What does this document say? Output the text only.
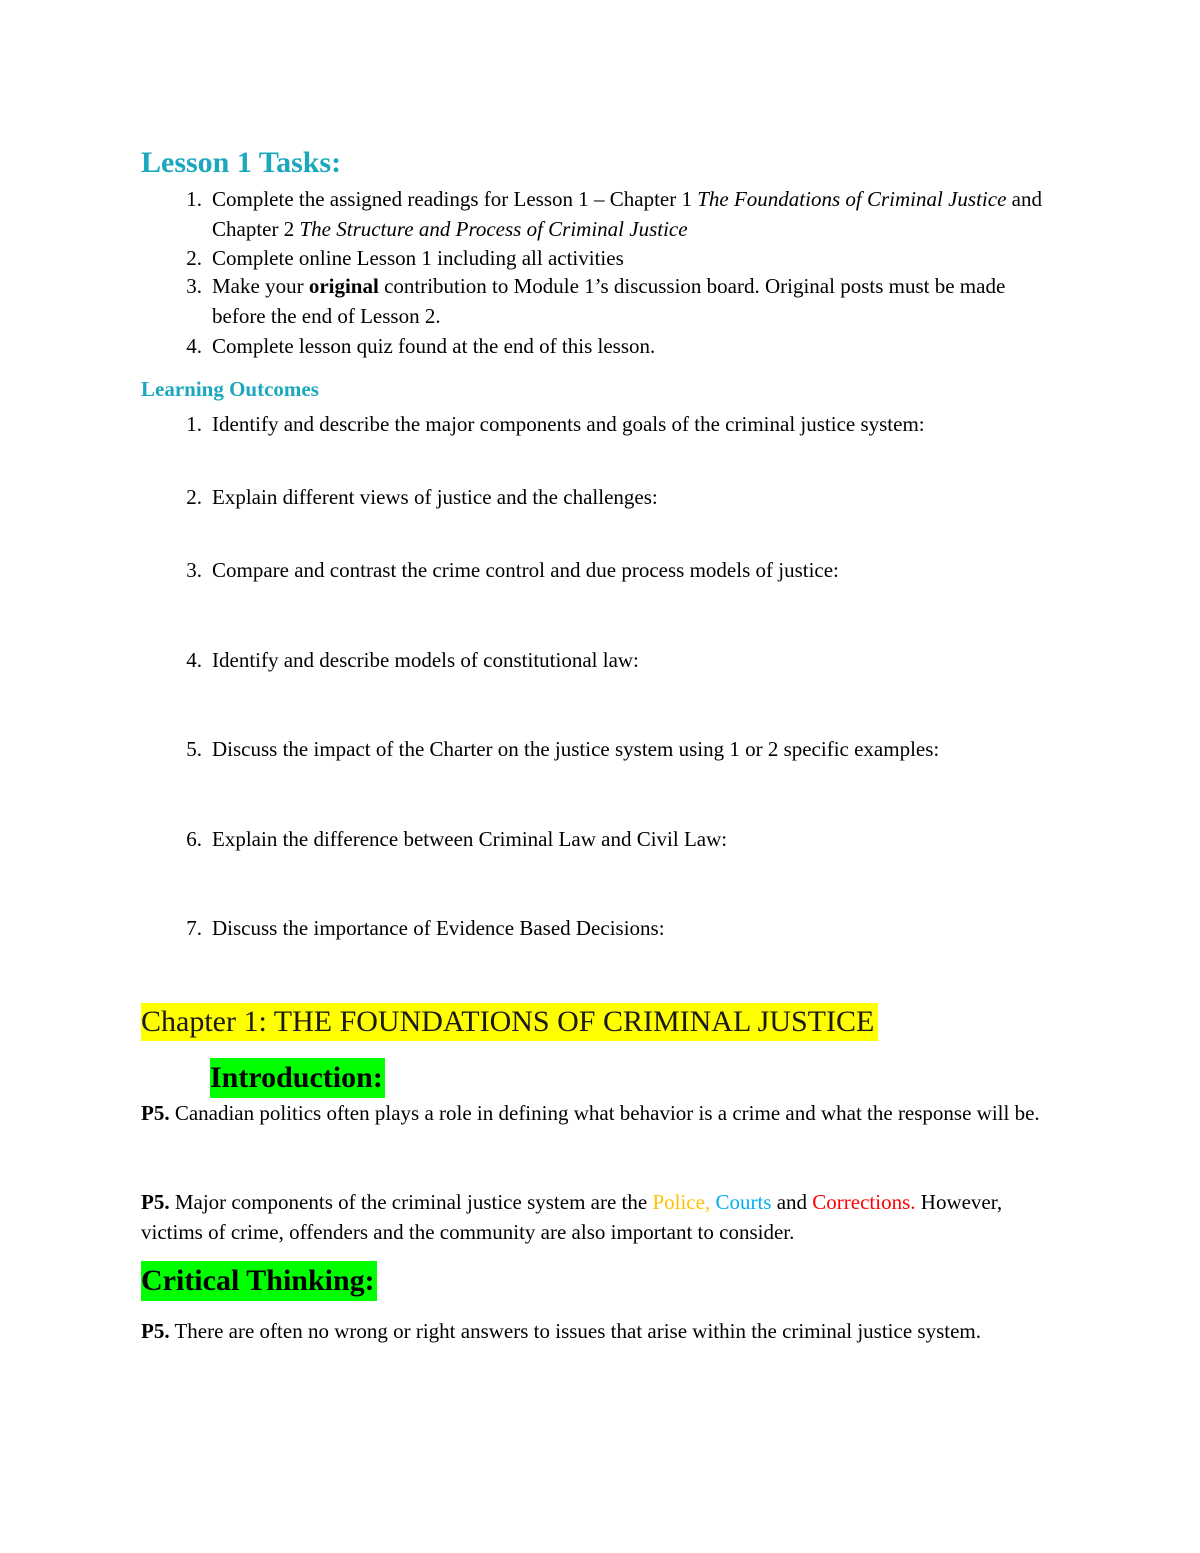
Lesson 1 Tasks:
1. Complete the assigned readings for Lesson 1 – Chapter 1 The Foundations of Criminal Justice and Chapter 2 The Structure and Process of Criminal Justice
2. Complete online Lesson 1 including all activities
3. Make your original contribution to Module 1’s discussion board. Original posts must be made before the end of Lesson 2.
4. Complete lesson quiz found at the end of this lesson.
Learning Outcomes
1. Identify and describe the major components and goals of the criminal justice system:
2. Explain different views of justice and the challenges:
3. Compare and contrast the crime control and due process models of justice:
4. Identify and describe models of constitutional law:
5. Discuss the impact of the Charter on the justice system using 1 or 2 specific examples:
6. Explain the difference between Criminal Law and Civil Law:
7. Discuss the importance of Evidence Based Decisions:
Chapter 1: THE FOUNDATIONS OF CRIMINAL JUSTICE
Introduction:

P5. Canadian politics often plays a role in defining what behavior is a crime and what the response will be.

P5. Major components of the criminal justice system are the Police, Courts and Corrections. However, victims of crime, offenders and the community are also important to consider.

Critical Thinking:

P5. There are often no wrong or right answers to issues that arise within the criminal justice system.
